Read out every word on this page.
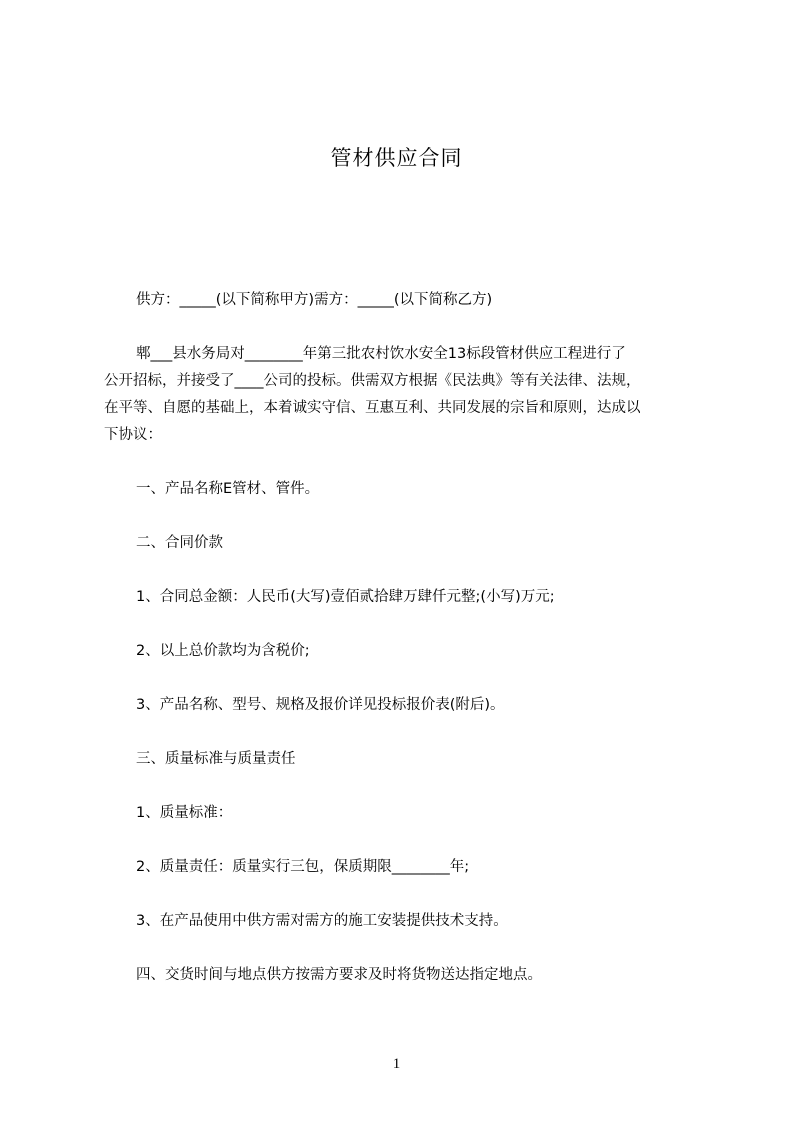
管材供应合同
供方：_____(以下简称甲方)需方：_____(以下简称乙方)
郫___县水务局对________年第三批农村饮水安全13标段管材供应工程进行了
公开招标，并接受了____公司的投标。供需双方根据《民法典》等有关法律、法规，
在平等、自愿的基础上，本着诚实守信、互惠互利、共同发展的宗旨和原则，达成以
下协议：
一、产品名称E管材、管件。
二、合同价款
1、合同总金额：人民币(大写)壹佰贰拾肆万肆仟元整;(小写)万元;
2、以上总价款均为含税价;
3、产品名称、型号、规格及报价详见投标报价表(附后)。
三、质量标准与质量责任
1、质量标准：
2、质量责任：质量实行三包，保质期限________年;
3、在产品使用中供方需对需方的施工安装提供技术支持。
四、交货时间与地点供方按需方要求及时将货物送达指定地点。
1
